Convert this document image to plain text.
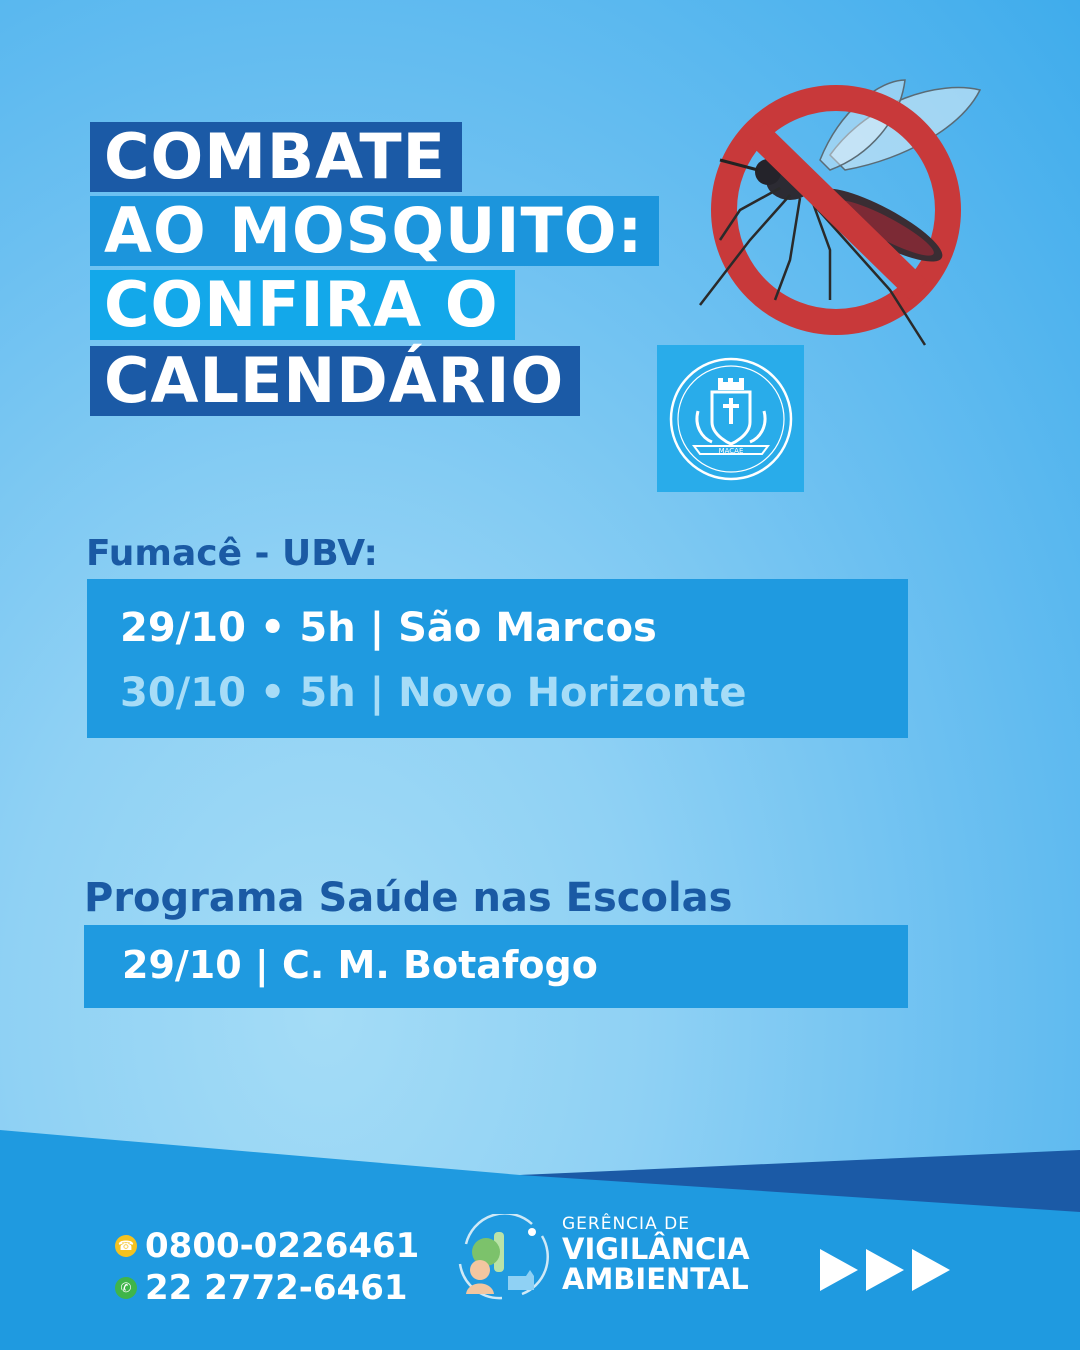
COMBATE
AO MOSQUITO:
CONFIRA O
CALENDÁRIO
MACAÉ
Fumacê - UBV:
29/10 • 5h | São Marcos
30/10 • 5h | Novo Horizonte
Programa Saúde nas Escolas
29/10 | C. M. Botafogo
☎ 0800-0226461
✆ 22 2772-6461
GERÊNCIA DE
VIGILÂNCIA
AMBIENTAL
